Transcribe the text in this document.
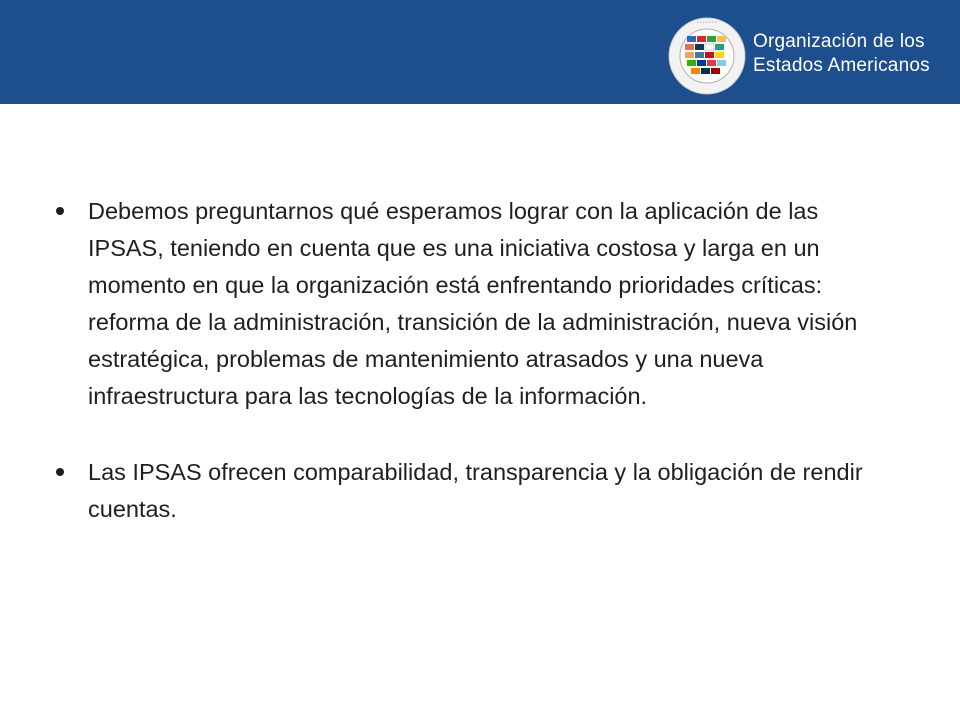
· · · · · · ·
Organización de los
Estados Americanos

Debemos preguntarnos qué esperamos lograr con la aplicación de las IPSAS, teniendo en cuenta que es una iniciativa costosa y larga en un momento en que la organización está enfrentando prioridades críticas: reforma de la administración, transición de la administración, nueva visión estratégica, problemas de mantenimiento atrasados y una nueva infraestructura para las tecnologías de la información.

Las IPSAS ofrecen comparabilidad, transparencia y la obligación de rendir cuentas.
